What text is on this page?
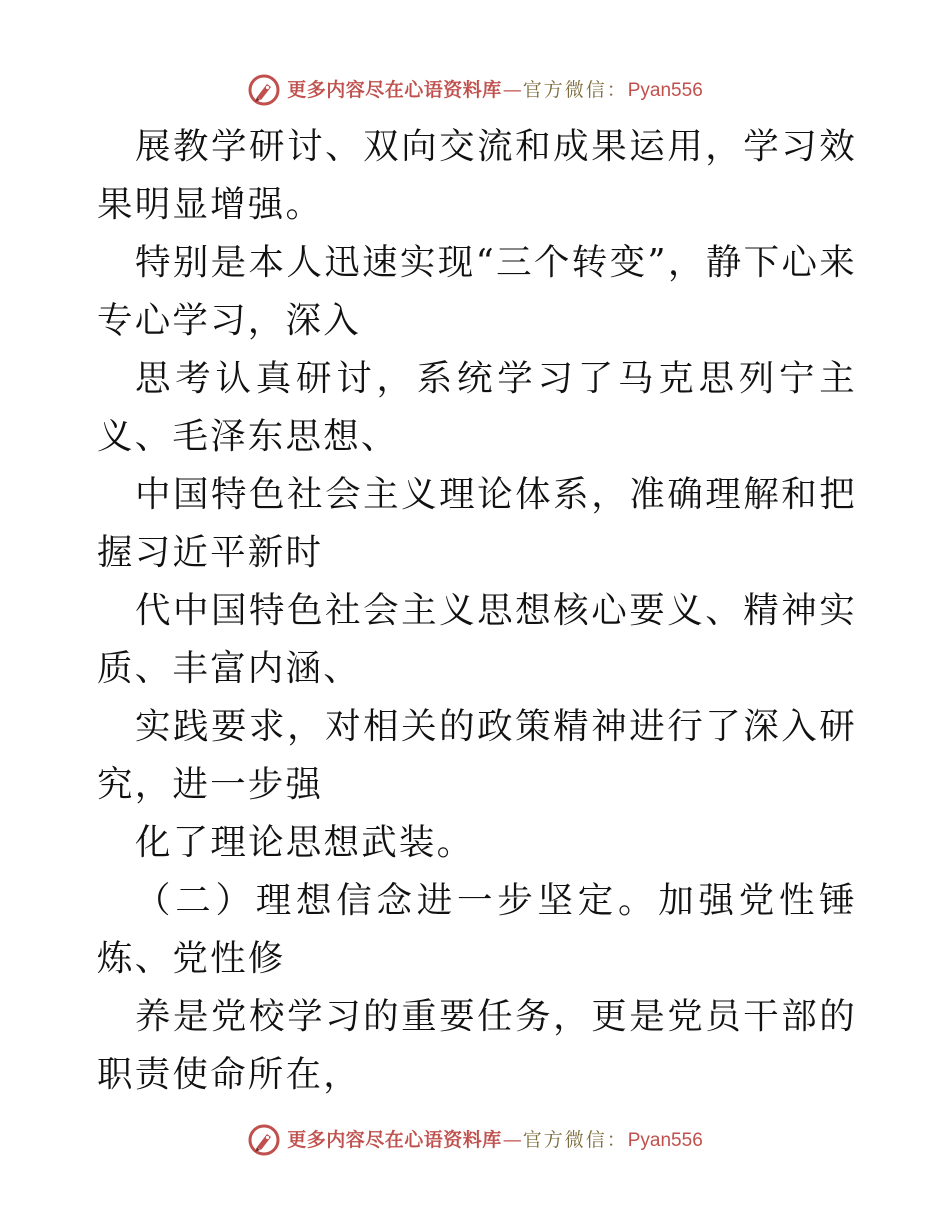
更多内容尽在心语资料库 — 官方微信： Pyan556

展教学研讨、双向交流和成果运用，学习效果明显增强。

特别是本人迅速实现“三个转变”，静下心来专心学习，深入

思考认真研讨，系统学习了马克思列宁主义、毛泽东思想、

中国特色社会主义理论体系，准确理解和把握习近平新时

代中国特色社会主义思想核心要义、精神实质、丰富内涵、

实践要求，对相关的政策精神进行了深入研究，进一步强

化了理论思想武装。

（二）理想信念进一步坚定。加强党性锤炼、党性修

养是党校学习的重要任务，更是党员干部的职责使命所在，

更多内容尽在心语资料库 — 官方微信： Pyan556
